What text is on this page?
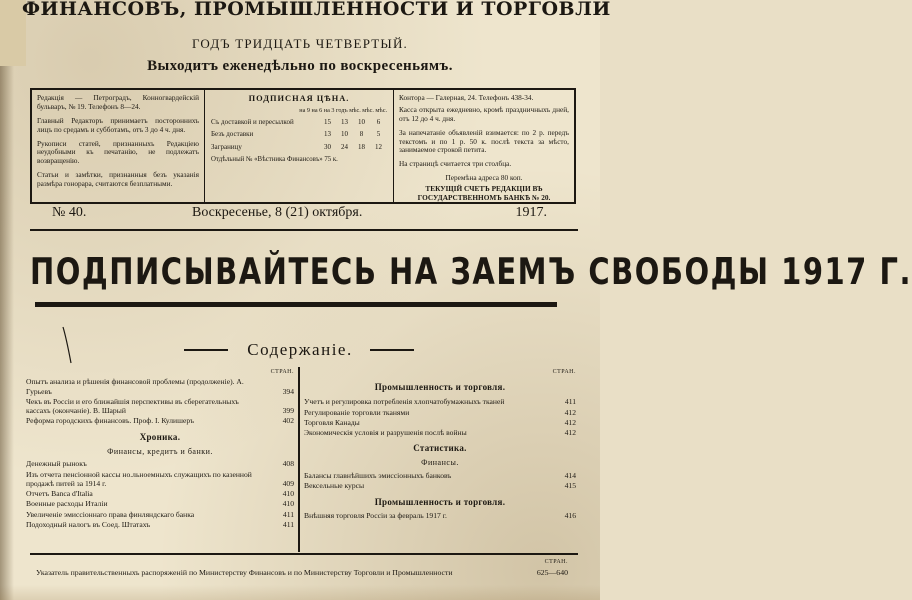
ФИНАНСОВЪ, ПРОМЫШЛЕННОСТИ И ТОРГОВЛИ
ГОДЪ ТРИДЦАТЬ ЧЕТВЕРТЫЙ.
Выходитъ еженедѣльно по воскресеньямъ.

Редакція — Петроградъ, Конногвардейскій бульваръ, № 19. Телефонъ 8—24.

Главный Редакторъ принимаетъ постороннихъ лицъ по средамъ и субботамъ, отъ 3 до 4 ч. дня.

Рукописи статей, признанныхъ Редакціею неудобными къ печатанію, не подлежатъ возвращенію.

Статьи и замѣтки, признанныя безъ указанія размѣра гонорара, считаются безплатными.

ПОДПИСНАЯ ЦѢНА.
на 9 на 6 на 3 годъ мѣс. мѣс. мѣс.
Съ доставкой и пересылкой	15	13	10	6
Безъ доставки	13	10	8	5
Заграницу	30	24	18	12
Отдѣльный № «Вѣстника Финансовъ» 75 к.
Контора — Галерная, 24. Телефонъ 438-34.

Касса открыта ежедневно, кромѣ праздничныхъ дней, отъ 12 до 4 ч. дня.

За напечатаніе объявленій взимается: по 2 р. передъ текстомъ и по 1 р. 50 к. послѣ текста за мѣсто, занимаемое строкой петита.

На страницѣ считается три столбца.

Перемѣна адреса 80 коп.
ТЕКУЩІЙ СЧЕТЪ РЕДАКЦІИ ВЪ ГОСУДАРСТВЕННОМЪ БАНКѢ № 20.
№ 40.	Воскресенье, 8 (21) октября.	1917.
ПОДПИСЫВАЙТЕСЬ НА ЗАЕМЪ СВОБОДЫ 1917 Г.
Содержаніе.
СТРАН.
Опытъ анализа и рѣшенія финансовой проблемы (продолженіе). А. Гурьевъ	394
Чекъ въ Россіи и его ближайшія перспективы въ сберегательныхъ кассахъ (окончаніе). В. Шарый	399
Реформа городскихъ финансовъ. Проф. I. Кулишеръ	402
Хроника.
Финансы, кредитъ и банки.
Денежный рынокъ	408
Изъ отчета пенсіонной кассы но.льноемныхъ служащихъ по казенной продажѣ питей за 1914 г.	409
Отчетъ Banca d'Italia	410
Военные расходы Италіи	410
Увеличеніе эмиссіоннаго права финляндскаго банка	411
Подоходный налогъ въ Соед. Штатахъ	411
СТРАН.
Промышленность и торговля.
Учетъ и регулировка потребленія хлопчатобумажныхъ тканей	411
Регулированіе торговли тканями	412
Торговля Канады	412
Экономическія условія и разрушенія послѣ войны	412
Статистика.
Финансы.
Балансы главнѣйшихъ эмиссіонныхъ банковъ	414
Вексельные курсы	415
Промышленность и торговля.
Внѣшняя торговля Россіи за февраль 1917 г.	416
СТРАН.
Указатель правительственныхъ распоряженій по Министерству Финансовъ и по Министерству Торговли и Промышленности	625—640
